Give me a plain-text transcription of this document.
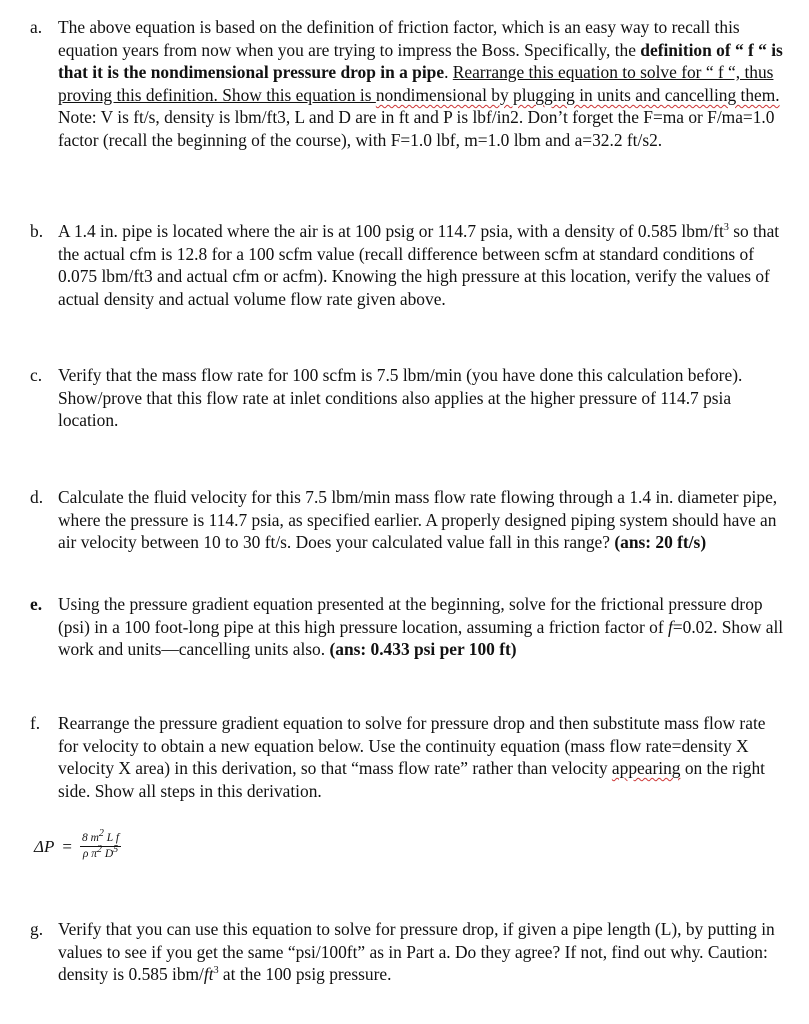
a. The above equation is based on the definition of friction factor, which is an easy way to recall this equation years from now when you are trying to impress the Boss. Specifically, the definition of “ f “ is that it is the nondimensional pressure drop in a pipe. Rearrange this equation to solve for “ f “, thus proving this definition. Show this equation is nondimensional by plugging in units and cancelling them. Note: V is ft/s, density is lbm/ft3, L and D are in ft and P is lbf/in2. Don’t forget the F=ma or F/ma=1.0 factor (recall the beginning of the course), with F=1.0 lbf, m=1.0 lbm and a=32.2 ft/s2.
b. A 1.4 in. pipe is located where the air is at 100 psig or 114.7 psia, with a density of 0.585 lbm/$ft^3$ so that the actual cfm is 12.8 for a 100 scfm value (recall difference between scfm at standard conditions of 0.075 lbm/ft3 and actual cfm or acfm). Knowing the high pressure at this location, verify the values of actual density and actual volume flow rate given above.
c. Verify that the mass flow rate for 100 scfm is 7.5 lbm/min (you have done this calculation before). Show/prove that this flow rate at inlet conditions also applies at the higher pressure of 114.7 psia location.
d. Calculate the fluid velocity for this 7.5 lbm/min mass flow rate flowing through a 1.4 in. diameter pipe, where the pressure is 114.7 psia, as specified earlier. A properly designed piping system should have an air velocity between 10 to 30 ft/s. Does your calculated value fall in this range? (ans: 20 ft/s)
e. Using the pressure gradient equation presented at the beginning, solve for the frictional pressure drop (psi) in a 100 foot-long pipe at this high pressure location, assuming a friction factor of f=0.02. Show all work and units—cancelling units also. (ans: 0.433 psi per 100 ft)
f.	Rearrange the pressure gradient equation to solve for pressure drop and then substitute mass flow rate for velocity to obtain a new equation below. Use the continuity equation (mass flow rate=density X velocity X area) in this derivation, so that “mass flow rate” rather than velocity appearing on the right side. Show all steps in this derivation.
$\Delta P = \frac{8 m^2 L f}{\rho \pi^2 D^5}$
g. Verify that you can use this equation to solve for pressure drop, if given a pipe length (L), by putting in values to see if you get the same “psi/100ft” as in Part a. Do they agree? If not, find out why. Caution: density is 0.585 ibm/$ft^3$ at the 100 psig pressure.
